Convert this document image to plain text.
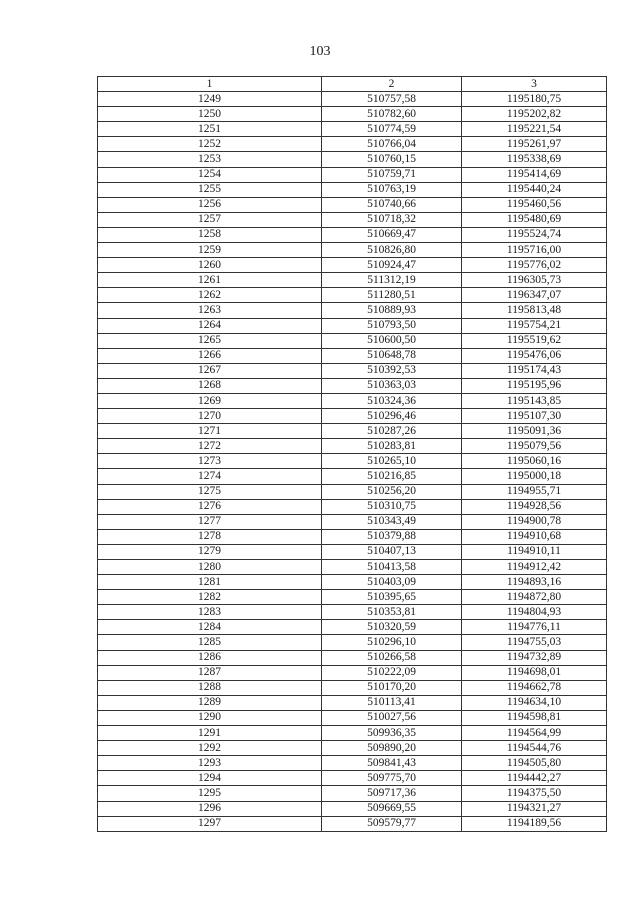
103
1	2	3
1249	510757,58	1195180,75
1250	510782,60	1195202,82
1251	510774,59	1195221,54
1252	510766,04	1195261,97
1253	510760,15	1195338,69
1254	510759,71	1195414,69
1255	510763,19	1195440,24
1256	510740,66	1195460,56
1257	510718,32	1195480,69
1258	510669,47	1195524,74
1259	510826,80	1195716,00
1260	510924,47	1195776,02
1261	511312,19	1196305,73
1262	511280,51	1196347,07
1263	510889,93	1195813,48
1264	510793,50	1195754,21
1265	510600,50	1195519,62
1266	510648,78	1195476,06
1267	510392,53	1195174,43
1268	510363,03	1195195,96
1269	510324,36	1195143,85
1270	510296,46	1195107,30
1271	510287,26	1195091,36
1272	510283,81	1195079,56
1273	510265,10	1195060,16
1274	510216,85	1195000,18
1275	510256,20	1194955,71
1276	510310,75	1194928,56
1277	510343,49	1194900,78
1278	510379,88	1194910,68
1279	510407,13	1194910,11
1280	510413,58	1194912,42
1281	510403,09	1194893,16
1282	510395,65	1194872,80
1283	510353,81	1194804,93
1284	510320,59	1194776,11
1285	510296,10	1194755,03
1286	510266,58	1194732,89
1287	510222,09	1194698,01
1288	510170,20	1194662,78
1289	510113,41	1194634,10
1290	510027,56	1194598,81
1291	509936,35	1194564,99
1292	509890,20	1194544,76
1293	509841,43	1194505,80
1294	509775,70	1194442,27
1295	509717,36	1194375,50
1296	509669,55	1194321,27
1297	509579,77	1194189,56
